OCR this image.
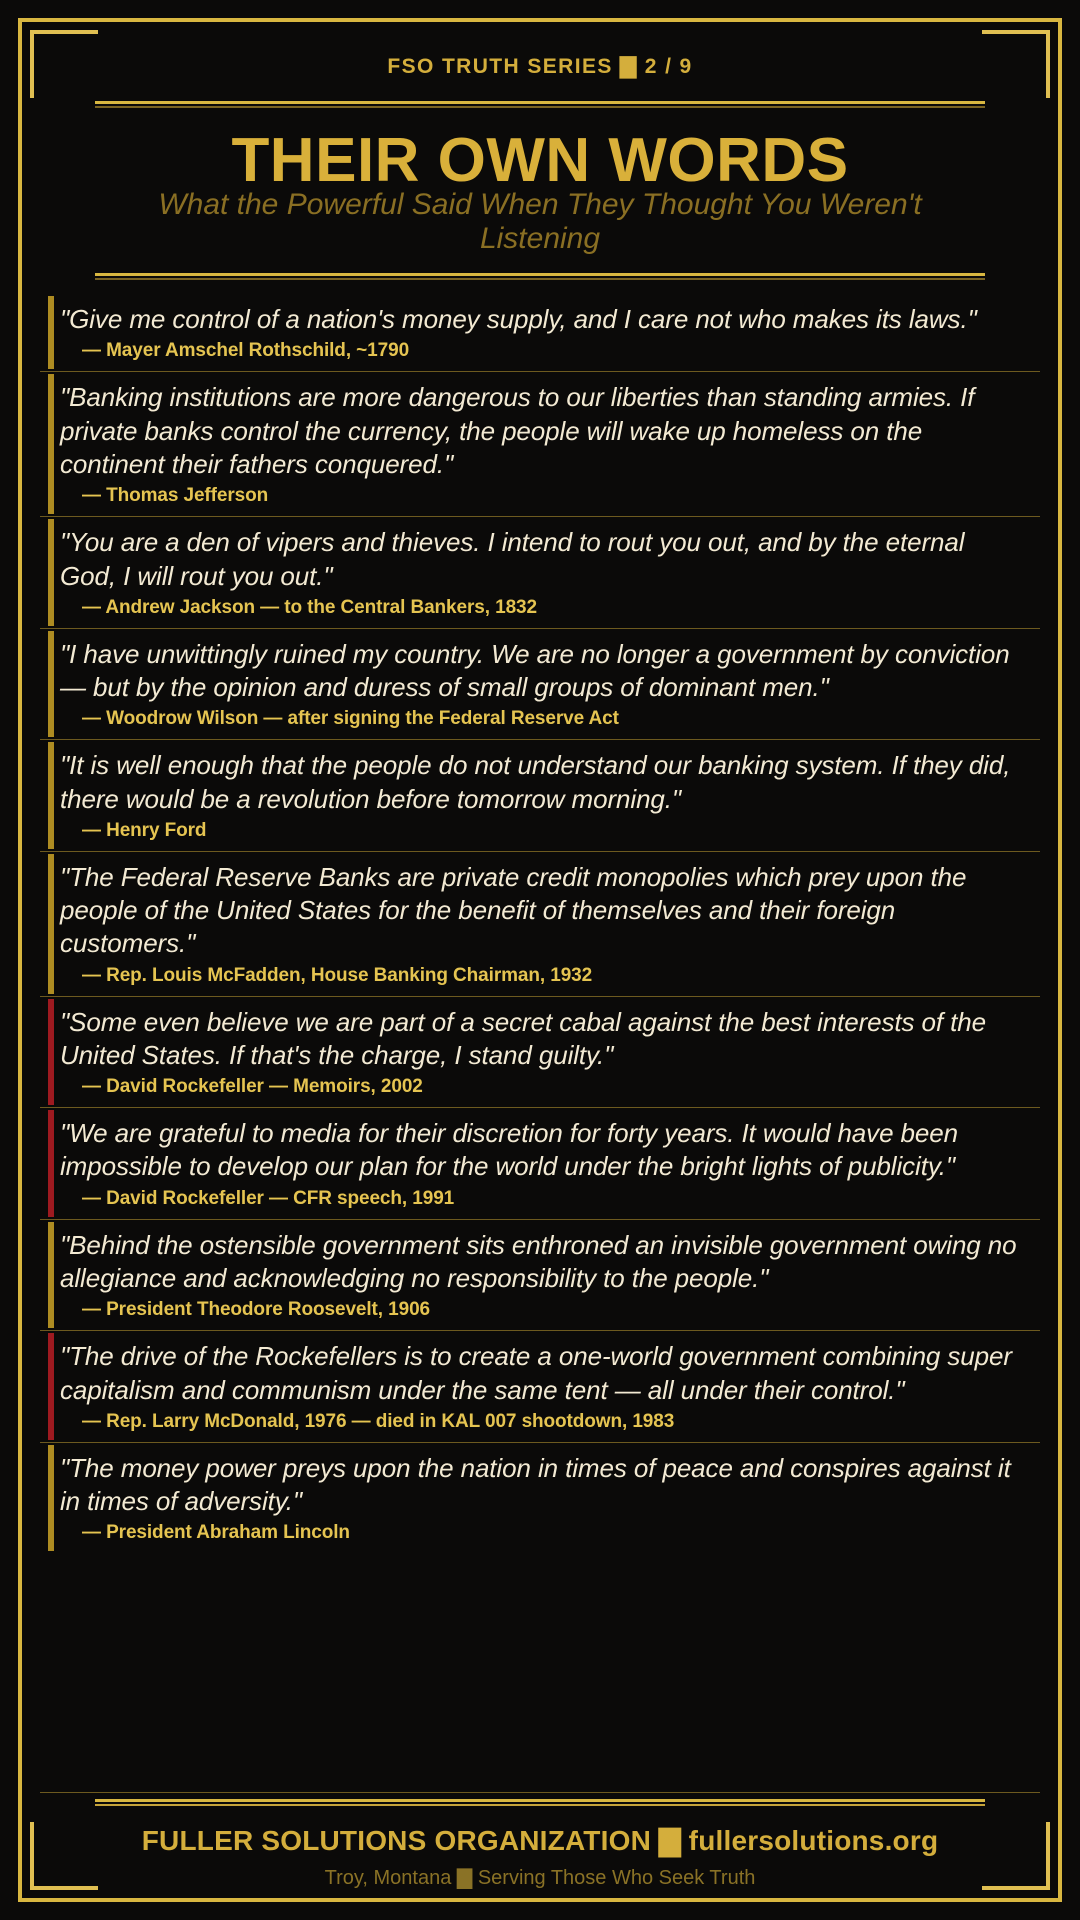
FSO TRUTH SERIES ▇ 2 / 9
THEIR OWN WORDS
What the Powerful Said When They Thought You Weren't Listening
"Give me control of a nation's money supply, and I care not who makes its laws."
— Mayer Amschel Rothschild, ~1790
"Banking institutions are more dangerous to our liberties than standing armies. If private banks control the currency, the people will wake up homeless on the continent their fathers conquered."
— Thomas Jefferson
"You are a den of vipers and thieves. I intend to rout you out, and by the eternal God, I will rout you out."
— Andrew Jackson — to the Central Bankers, 1832
"I have unwittingly ruined my country. We are no longer a government by conviction — but by the opinion and duress of small groups of dominant men."
— Woodrow Wilson — after signing the Federal Reserve Act
"It is well enough that the people do not understand our banking system. If they did, there would be a revolution before tomorrow morning."
— Henry Ford
"The Federal Reserve Banks are private credit monopolies which prey upon the people of the United States for the benefit of themselves and their foreign customers."
— Rep. Louis McFadden, House Banking Chairman, 1932
"Some even believe we are part of a secret cabal against the best interests of the United States. If that's the charge, I stand guilty."
— David Rockefeller — Memoirs, 2002
"We are grateful to media for their discretion for forty years. It would have been impossible to develop our plan for the world under the bright lights of publicity."
— David Rockefeller — CFR speech, 1991
"Behind the ostensible government sits enthroned an invisible government owing no allegiance and acknowledging no responsibility to the people."
— President Theodore Roosevelt, 1906
"The drive of the Rockefellers is to create a one-world government combining super capitalism and communism under the same tent — all under their control."
— Rep. Larry McDonald, 1976 — died in KAL 007 shootdown, 1983
"The money power preys upon the nation in times of peace and conspires against it in times of adversity."
— President Abraham Lincoln
FULLER SOLUTIONS ORGANIZATION ▇ fullersolutions.org
Troy, Montana ▇ Serving Those Who Seek Truth
